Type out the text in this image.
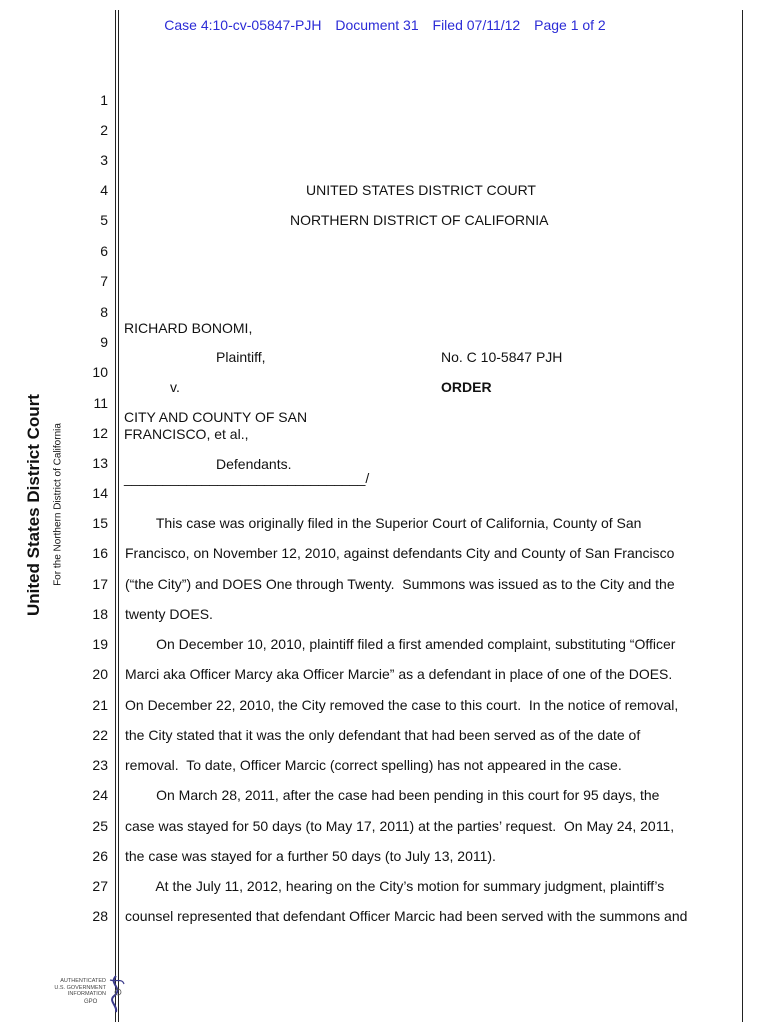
Case 4:10-cv-05847-PJH Document 31 Filed 07/11/12 Page 1 of 2
United States District Court For the Northern District of California
1
2
3
4
5
6
7
8
9
10
11
12
13
14
15
16
17
18
19
20
21
22
23
24
25
26
27
28
UNITED STATES DISTRICT COURT
NORTHERN DISTRICT OF CALIFORNIA
RICHARD BONOMI,
Plaintiff,	No. C 10-5847 PJH
v.	ORDER
CITY AND COUNTY OF SAN
FRANCISCO, et al.,
Defendants.
_______________________________/
This case was originally filed in the Superior Court of California, County of San
Francisco, on November 12, 2010, against defendants City and County of San Francisco
(“the City”) and DOES One through Twenty.  Summons was issued as to the City and the
twenty DOES.
On December 10, 2010, plaintiff filed a first amended complaint, substituting “Officer
Marci aka Officer Marcy aka Officer Marcie” as a defendant in place of one of the DOES.
On December 22, 2010, the City removed the case to this court.  In the notice of removal,
the City stated that it was the only defendant that had been served as of the date of
removal.  To date, Officer Marcic (correct spelling) has not appeared in the case.
On March 28, 2011, after the case had been pending in this court for 95 days, the
case was stayed for 50 days (to May 17, 2011) at the parties’ request.  On May 24, 2011,
the case was stayed for a further 50 days (to July 13, 2011).
At the July 11, 2012, hearing on the City’s motion for summary judgment, plaintiff’s
counsel represented that defendant Officer Marcic had been served with the summons and
AUTHENTICATED
U.S. GOVERNMENT
INFORMATION
GPO
